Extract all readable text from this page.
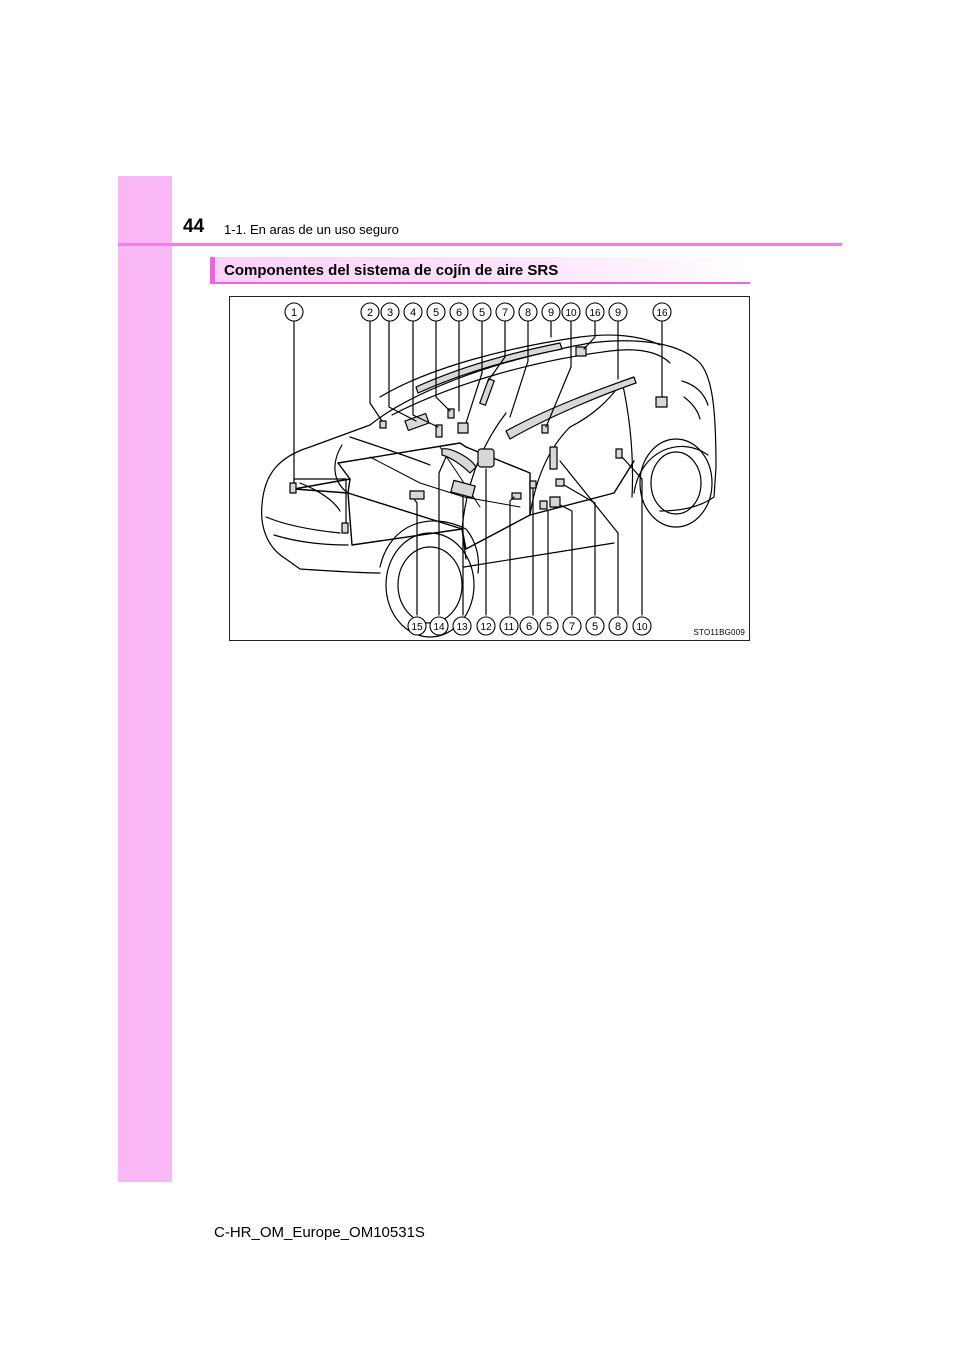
44 1-1. En aras de un uso seguro
Componentes del sistema de cojín de aire SRS
1	2 3 4 5 6 5 7 8 9 10 16 9	16
15 14 13 12 11 6 5 7 5 8 10	STO11BG009
C-HR_OM_Europe_OM10531S
